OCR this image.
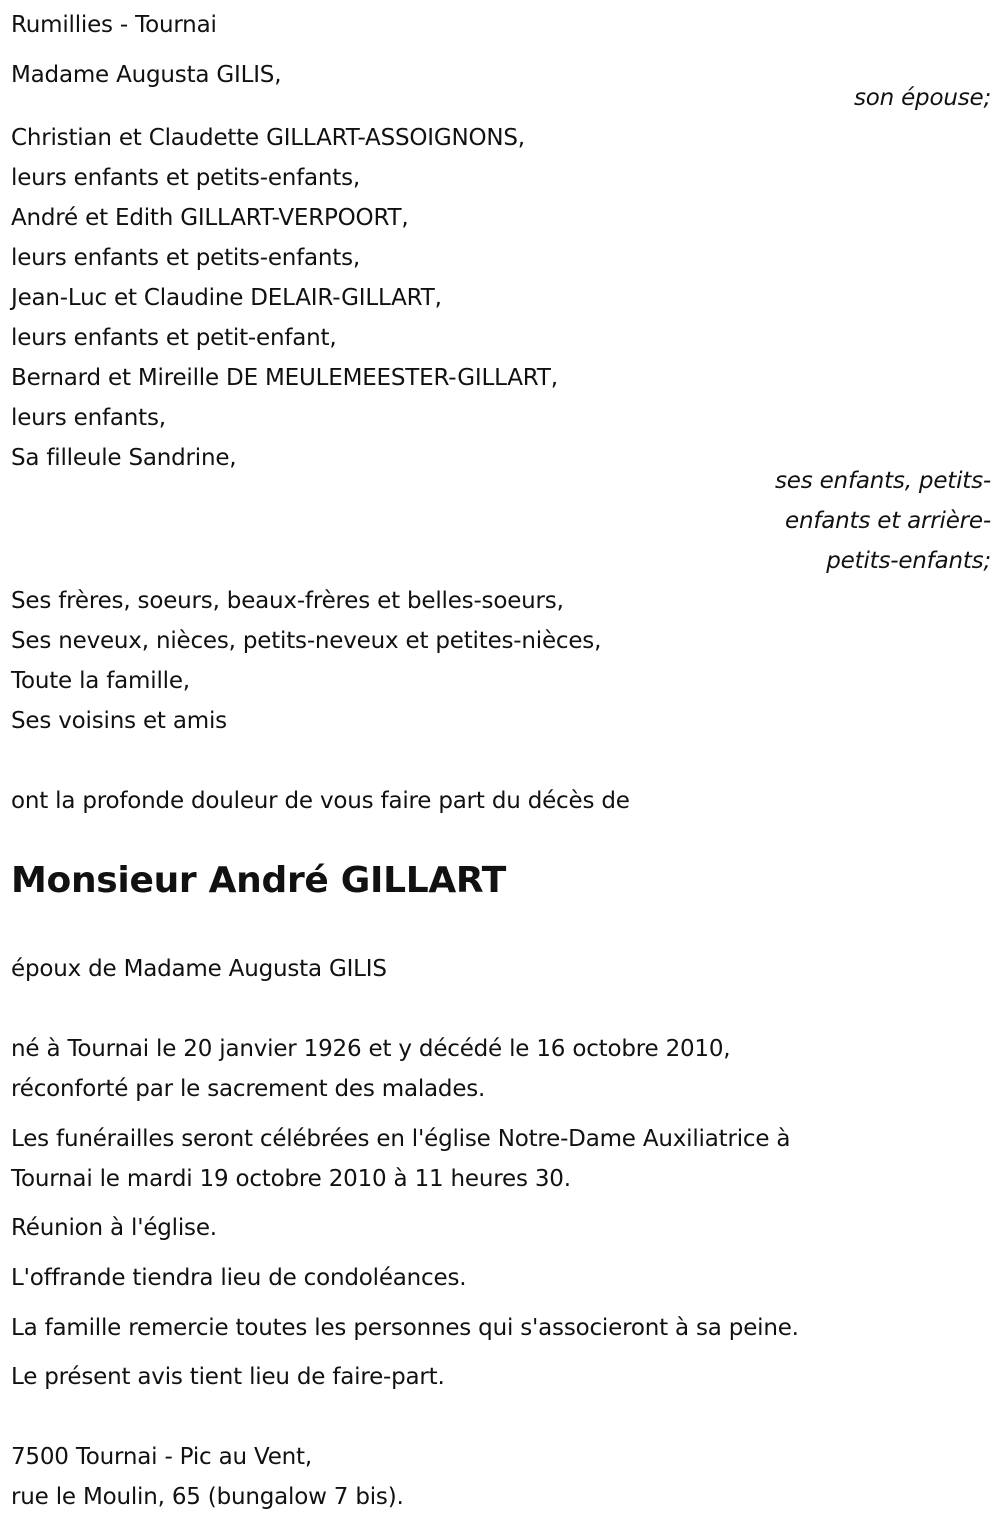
Rumillies - Tournai
Madame Augusta GILIS,
son épouse;
Christian et Claudette GILLART-ASSOIGNONS,
leurs enfants et petits-enfants,
André et Edith GILLART-VERPOORT,
leurs enfants et petits-enfants,
Jean-Luc et Claudine DELAIR-GILLART,
leurs enfants et petit-enfant,
Bernard et Mireille DE MEULEMEESTER-GILLART,
leurs enfants,
Sa filleule Sandrine,
ses enfants, petits-
enfants et arrière-
petits-enfants;
Ses frères, soeurs, beaux-frères et belles-soeurs,
Ses neveux, nièces, petits-neveux et petites-nièces,
Toute la famille,
Ses voisins et amis
ont la profonde douleur de vous faire part du décès de
Monsieur André GILLART
époux de Madame Augusta GILIS
né à Tournai le 20 janvier 1926 et y décédé le 16 octobre 2010,
réconforté par le sacrement des malades.
Les funérailles seront célébrées en l'église Notre-Dame Auxiliatrice à
Tournai le mardi 19 octobre 2010 à 11 heures 30.
Réunion à l'église.
L'offrande tiendra lieu de condoléances.
La famille remercie toutes les personnes qui s'associeront à sa peine.
Le présent avis tient lieu de faire-part.
7500 Tournai - Pic au Vent,
rue le Moulin, 65 (bungalow 7 bis).
